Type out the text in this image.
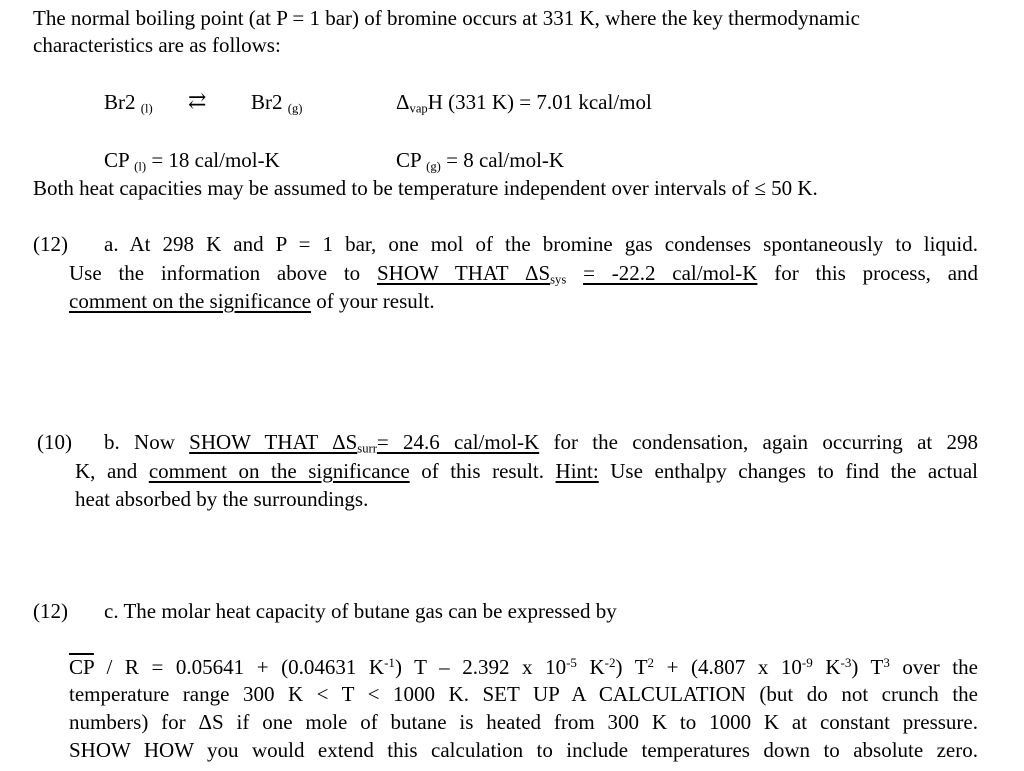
The normal boiling point (at P = 1 bar) of bromine occurs at 331 K, where the key thermodynamic
characteristics are as follows:
Br2 $_{(l)}$ ⇄ Br2 $_{(g)}$	$\Delta_{vap}H$ (331 K) = 7.01 kcal/mol
CP $_{(l)}$ = 18 cal/mol-K	CP $_{(g)}$ = 8 cal/mol-K
Both heat capacities may be assumed to be temperature independent over intervals of ≤ 50 K.
(12) a. At 298 K and P = 1 bar, one mol of the bromine gas condenses spontaneously to liquid.
Use the information above to SHOW THAT $\Delta S_{sys} = -22.2$ cal/mol-K for this process, and
comment on the significance of your result.
(10) b. Now SHOW THAT $\Delta S_{surr}= 24.6$ cal/mol-K for the condensation, again occurring at 298
K, and comment on the significance of this result. Hint: Use enthalpy changes to find the actual
heat absorbed by the surroundings.
(12) c. The molar heat capacity of butane gas can be expressed by
$\overline{CP} / R = 0.05641 + (0.04631$ $K^{-1}$) T – 2.392 x $10^{-5}$ $K^{-2}$) $T^2 + (4.807$ x $10^{-9}$ $K^{-3}$) $T^3$ over the
temperature range 300 K < T < 1000 K. SET UP A CALCULATION (but do not crunch the
numbers) for ΔS if one mole of butane is heated from 300 K to 1000 K at constant pressure.
SHOW HOW you would extend this calculation to include temperatures down to absolute zero.
